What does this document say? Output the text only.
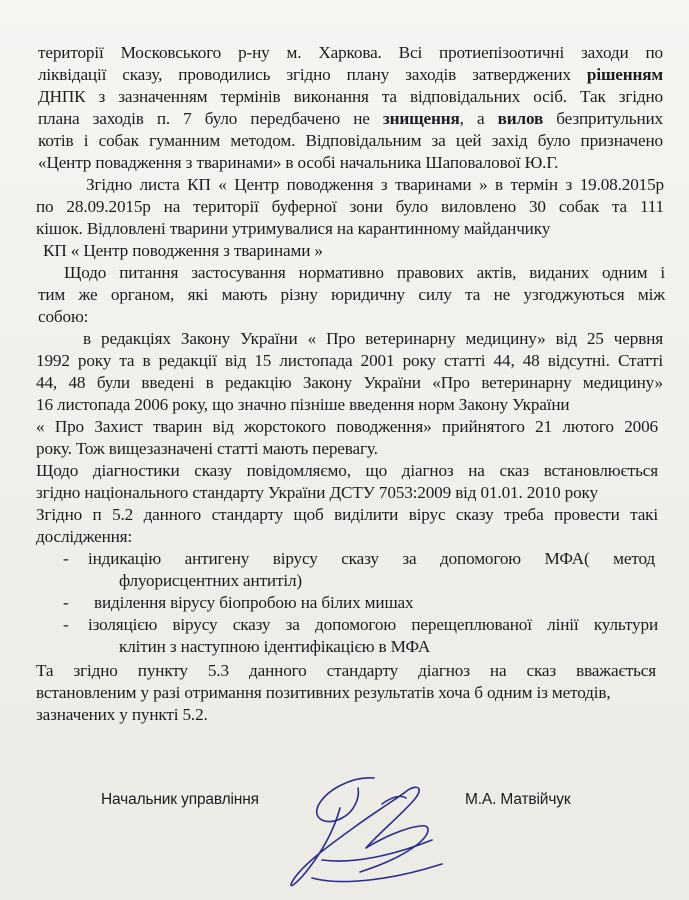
території Московського р-ну м. Харкова. Всі протиепізоотичні заходи по
ліквідації сказу, проводились згідно плану заходів затверджених рішенням
ДНПК з зазначенням термінів виконання та відповідальних осіб. Так згідно
плана заходів п. 7 було передбачено не знищення, а вилов безпритульних
котів і собак гуманним методом. Відповідальним за цей захід було призначено
«Центр повадження з тваринами» в особі начальника Шаповалової Ю.Г.
Згідно листа КП « Центр поводження з тваринами » в термін з 19.08.2015р
по 28.09.2015р на території буферної зони було виловлено 30 собак та 111
кішок. Відловлені тварини утримувалися на карантинному майданчику
КП « Центр поводження з тваринами »
Щодо питання застосування нормативно правових актів, виданих одним і
тим же органом, які мають різну юридичну силу та не узгоджуються між
собою:
в редакціях Закону України « Про ветеринарну медицину» від 25 червня
1992 року та в редакції від 15 листопада 2001 року статті 44, 48 відсутні. Статті
44, 48 були введені в редакцію Закону України «Про ветеринарну медицину»
16 листопада 2006 року, що значно пізніше введення норм Закону України
« Про Захист тварин від жорстокого поводження» прийнятого 21 лютого 2006
року. Тож вищезазначені статті мають перевагу.
Щодо діагностики сказу повідомляємо, що діагноз на сказ встановлюється
згідно національного стандарту України ДСТУ 7053:2009 від 01.01. 2010 року
Згідно п 5.2 данного стандарту щоб виділити вірус сказу треба провести такі
дослідження:
- індикацію антигену вірусу сказу за допомогою МФА( метод
флуорисцентних антитіл)
- виділення вірусу біопробою на білих мишах
- ізоляцією вірусу сказу за допомогою перещеплюваної лінії культури
клітин з наступною ідентифікацією в МФА
Та згідно пункту 5.3 данного стандарту діагноз на сказ вважається
встановленим у разі отримання позитивних результатів хоча б одним із методів,
зазначених у пункті 5.2.
Начальник управління	М.А. Матвійчук
